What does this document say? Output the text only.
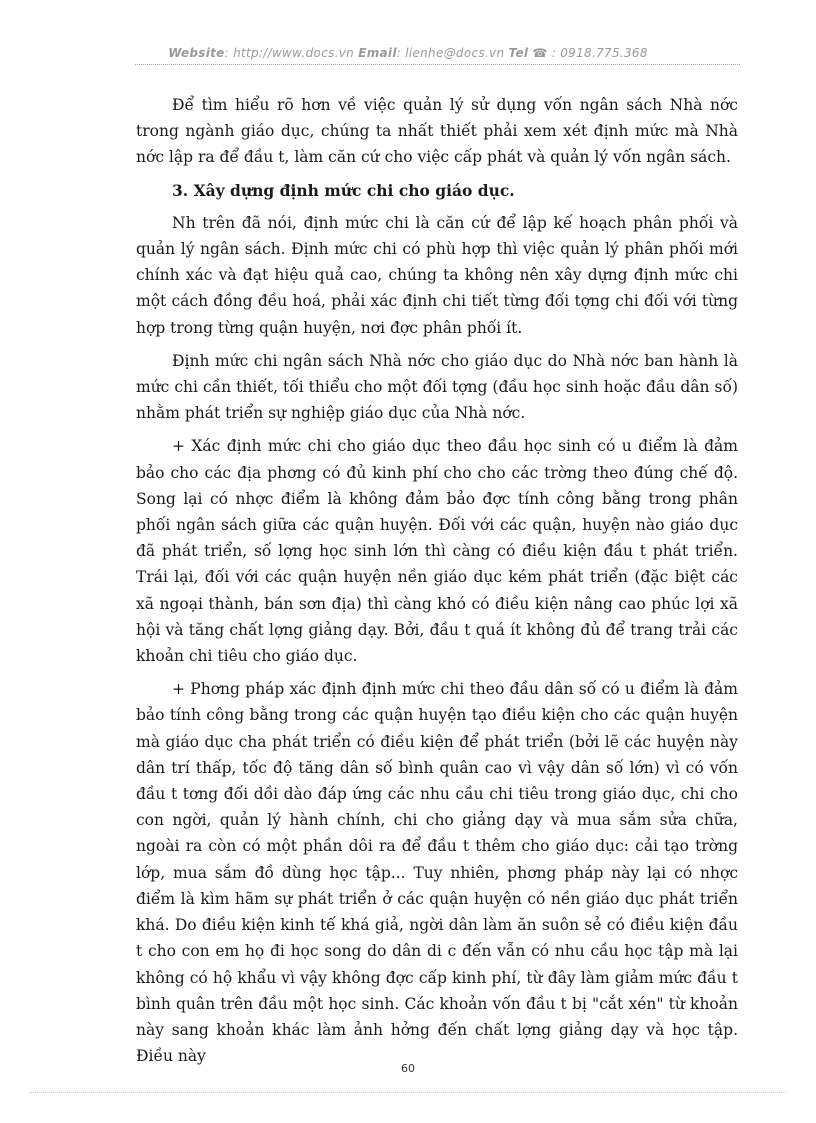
Website: http://www.docs.vn Email: lienhe@docs.vn Tel ☎ : 0918.775.368

Để tìm hiểu rõ hơn về việc quản lý sử dụng vốn ngân sách Nhà nớc trong ngành giáo dục, chúng ta nhất thiết phải xem xét định mức mà Nhà nớc lập ra để đầu t, làm căn cứ cho việc cấp phát và quản lý vốn ngân sách.

3. Xây dựng định mức chi cho giáo dục.

Nh trên đã nói, định mức chi là căn cứ để lập kế hoạch phân phối và quản lý ngân sách. Định mức chi có phù hợp thì việc quản lý phân phối mới chính xác và đạt hiệu quả cao, chúng ta không nên xây dựng định mức chi một cách đồng đều hoá, phải xác định chi tiết từng đối tợng chi đối với từng hợp trong từng quận huyện, nơi đợc phân phối ít.

Định mức chi ngân sách Nhà nớc cho giáo dục do Nhà nớc ban hành là mức chi cần thiết, tối thiểu cho một đối tợng (đầu học sinh hoặc đầu dân số) nhằm phát triển sự nghiệp giáo dục của Nhà nớc.

+ Xác định mức chi cho giáo dục theo đầu học sinh có u điểm là đảm bảo cho các địa phơng có đủ kinh phí cho cho các trờng theo đúng chế độ. Song lại có nhợc điểm là không đảm bảo đợc tính công bằng trong phân phối ngân sách giữa các quận huyện. Đối với các quận, huyện nào giáo dục đã phát triển, số lợng học sinh lớn thì càng có điều kiện đầu t phát triển. Trái lại, đối với các quận huyện nền giáo dục kém phát triển (đặc biệt các xã ngoại thành, bán sơn địa) thì càng khó có điều kiện nâng cao phúc lợi xã hội và tăng chất lợng giảng dạy. Bởi, đầu t quá ít không đủ để trang trải các khoản chi tiêu cho giáo dục.

+ Phơng pháp xác định định mức chi theo đầu dân số có u điểm là đảm bảo tính công bằng trong các quận huyện tạo điều kiện cho các quận huyện mà giáo dục cha phát triển có điều kiện để phát triển (bởi lẽ các huyện này dân trí thấp, tốc độ tăng dân số bình quân cao vì vậy dân số lớn) vì có vốn đầu t tơng đối dồi dào đáp ứng các nhu cầu chi tiêu trong giáo dục, chi cho con ngời, quản lý hành chính, chi cho giảng dạy và mua sắm sửa chữa, ngoài ra còn có một phần dôi ra để đầu t thêm cho giáo dục: cải tạo trờng lớp, mua sắm đồ dùng học tập... Tuy nhiên, phơng pháp này lại có nhợc điểm là kìm hãm sự phát triển ở các quận huyện có nền giáo dục phát triển khá. Do điều kiện kinh tế khá giả, ngời dân làm ăn suôn sẻ có điều kiện đầu t cho con em họ đi học song do dân di c đến vẫn có nhu cầu học tập mà lại không có hộ khẩu vì vậy không đợc cấp kinh phí, từ đây làm giảm mức đầu t bình quân trên đầu một học sinh. Các khoản vốn đầu t bị "cắt xén" từ khoản này sang khoản khác làm ảnh hởng đến chất lợng giảng dạy và học tập. Điều này

60
